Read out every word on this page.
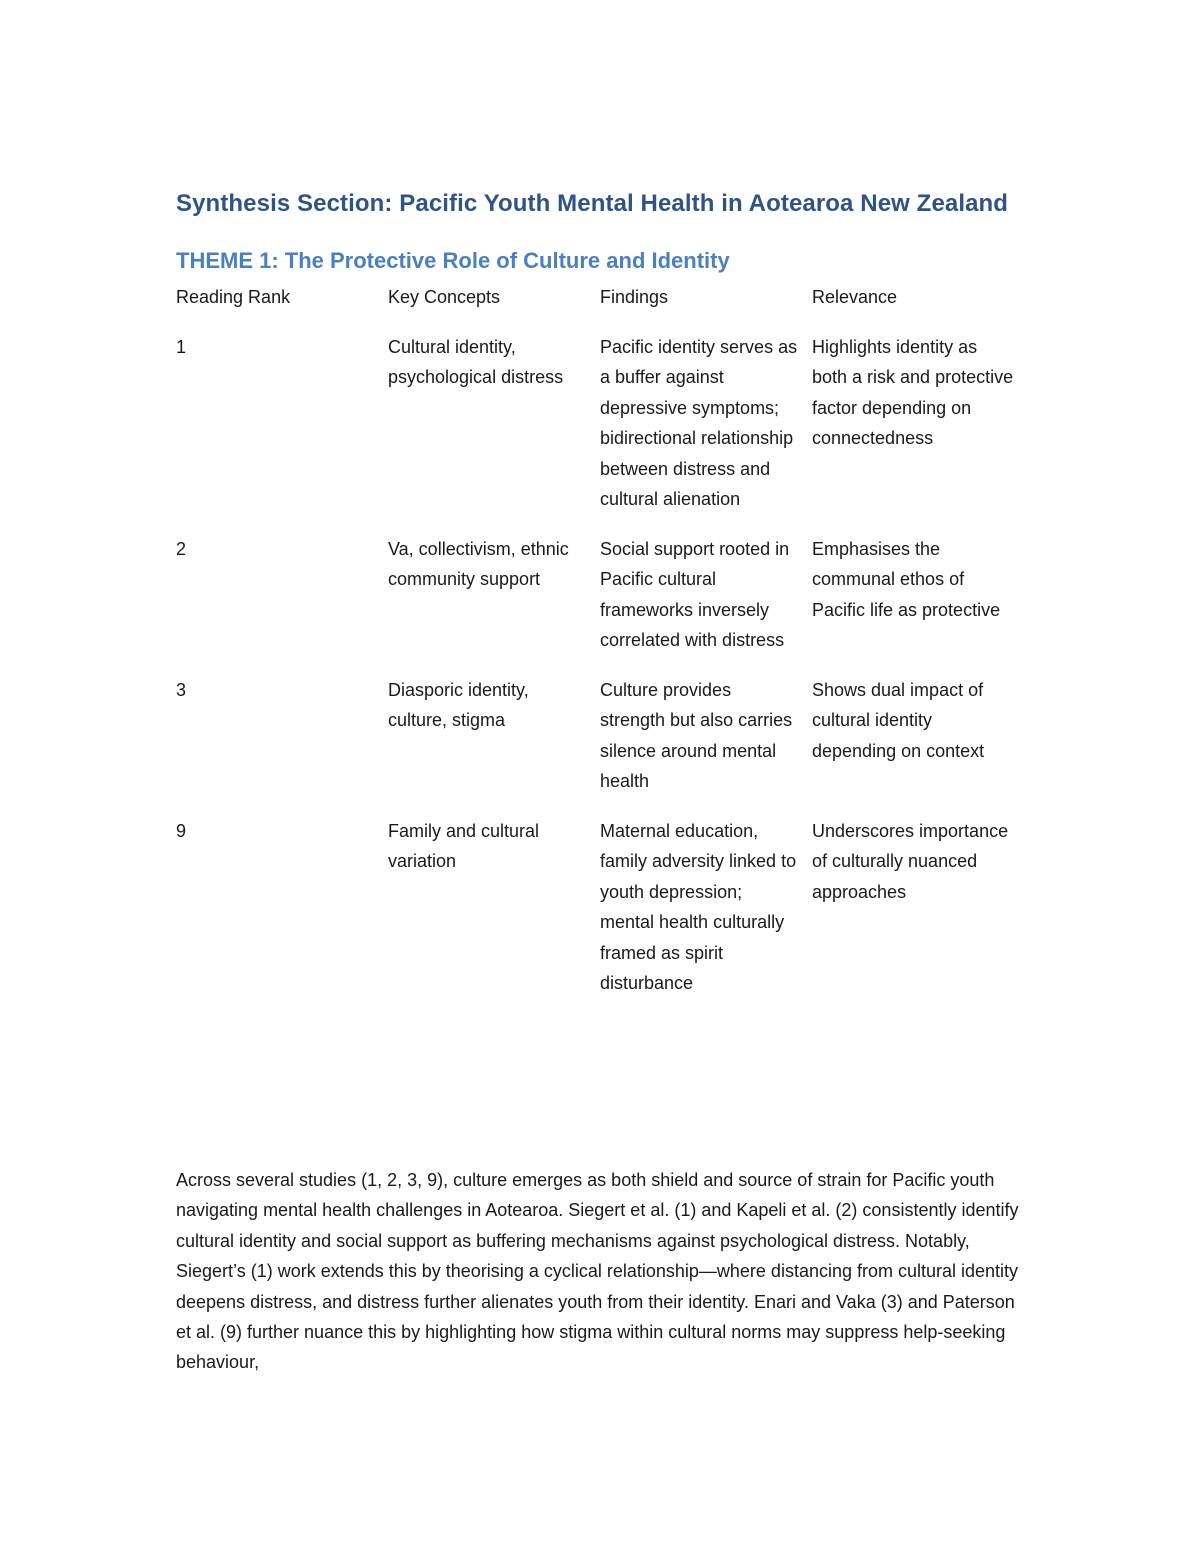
Synthesis Section: Pacific Youth Mental Health in Aotearoa New Zealand
THEME 1: The Protective Role of Culture and Identity
Reading Rank	Key Concepts	Findings	Relevance
1	Cultural identity, psychological distress	Pacific identity serves as a buffer against depressive symptoms; bidirectional relationship between distress and cultural alienation	Highlights identity as both a risk and protective factor depending on connectedness
2	Va, collectivism, ethnic community support	Social support rooted in Pacific cultural frameworks inversely correlated with distress	Emphasises the communal ethos of Pacific life as protective
3	Diasporic identity, culture, stigma	Culture provides strength but also carries silence around mental health	Shows dual impact of cultural identity depending on context
9	Family and cultural variation	Maternal education, family adversity linked to youth depression; mental health culturally framed as spirit disturbance	Underscores importance of culturally nuanced approaches

Across several studies (1, 2, 3, 9), culture emerges as both shield and source of strain for Pacific youth navigating mental health challenges in Aotearoa. Siegert et al. (1) and Kapeli et al. (2) consistently identify cultural identity and social support as buffering mechanisms against psychological distress. Notably, Siegert’s (1) work extends this by theorising a cyclical relationship—where distancing from cultural identity deepens distress, and distress further alienates youth from their identity. Enari and Vaka (3) and Paterson et al. (9) further nuance this by highlighting how stigma within cultural norms may suppress help-seeking behaviour,
